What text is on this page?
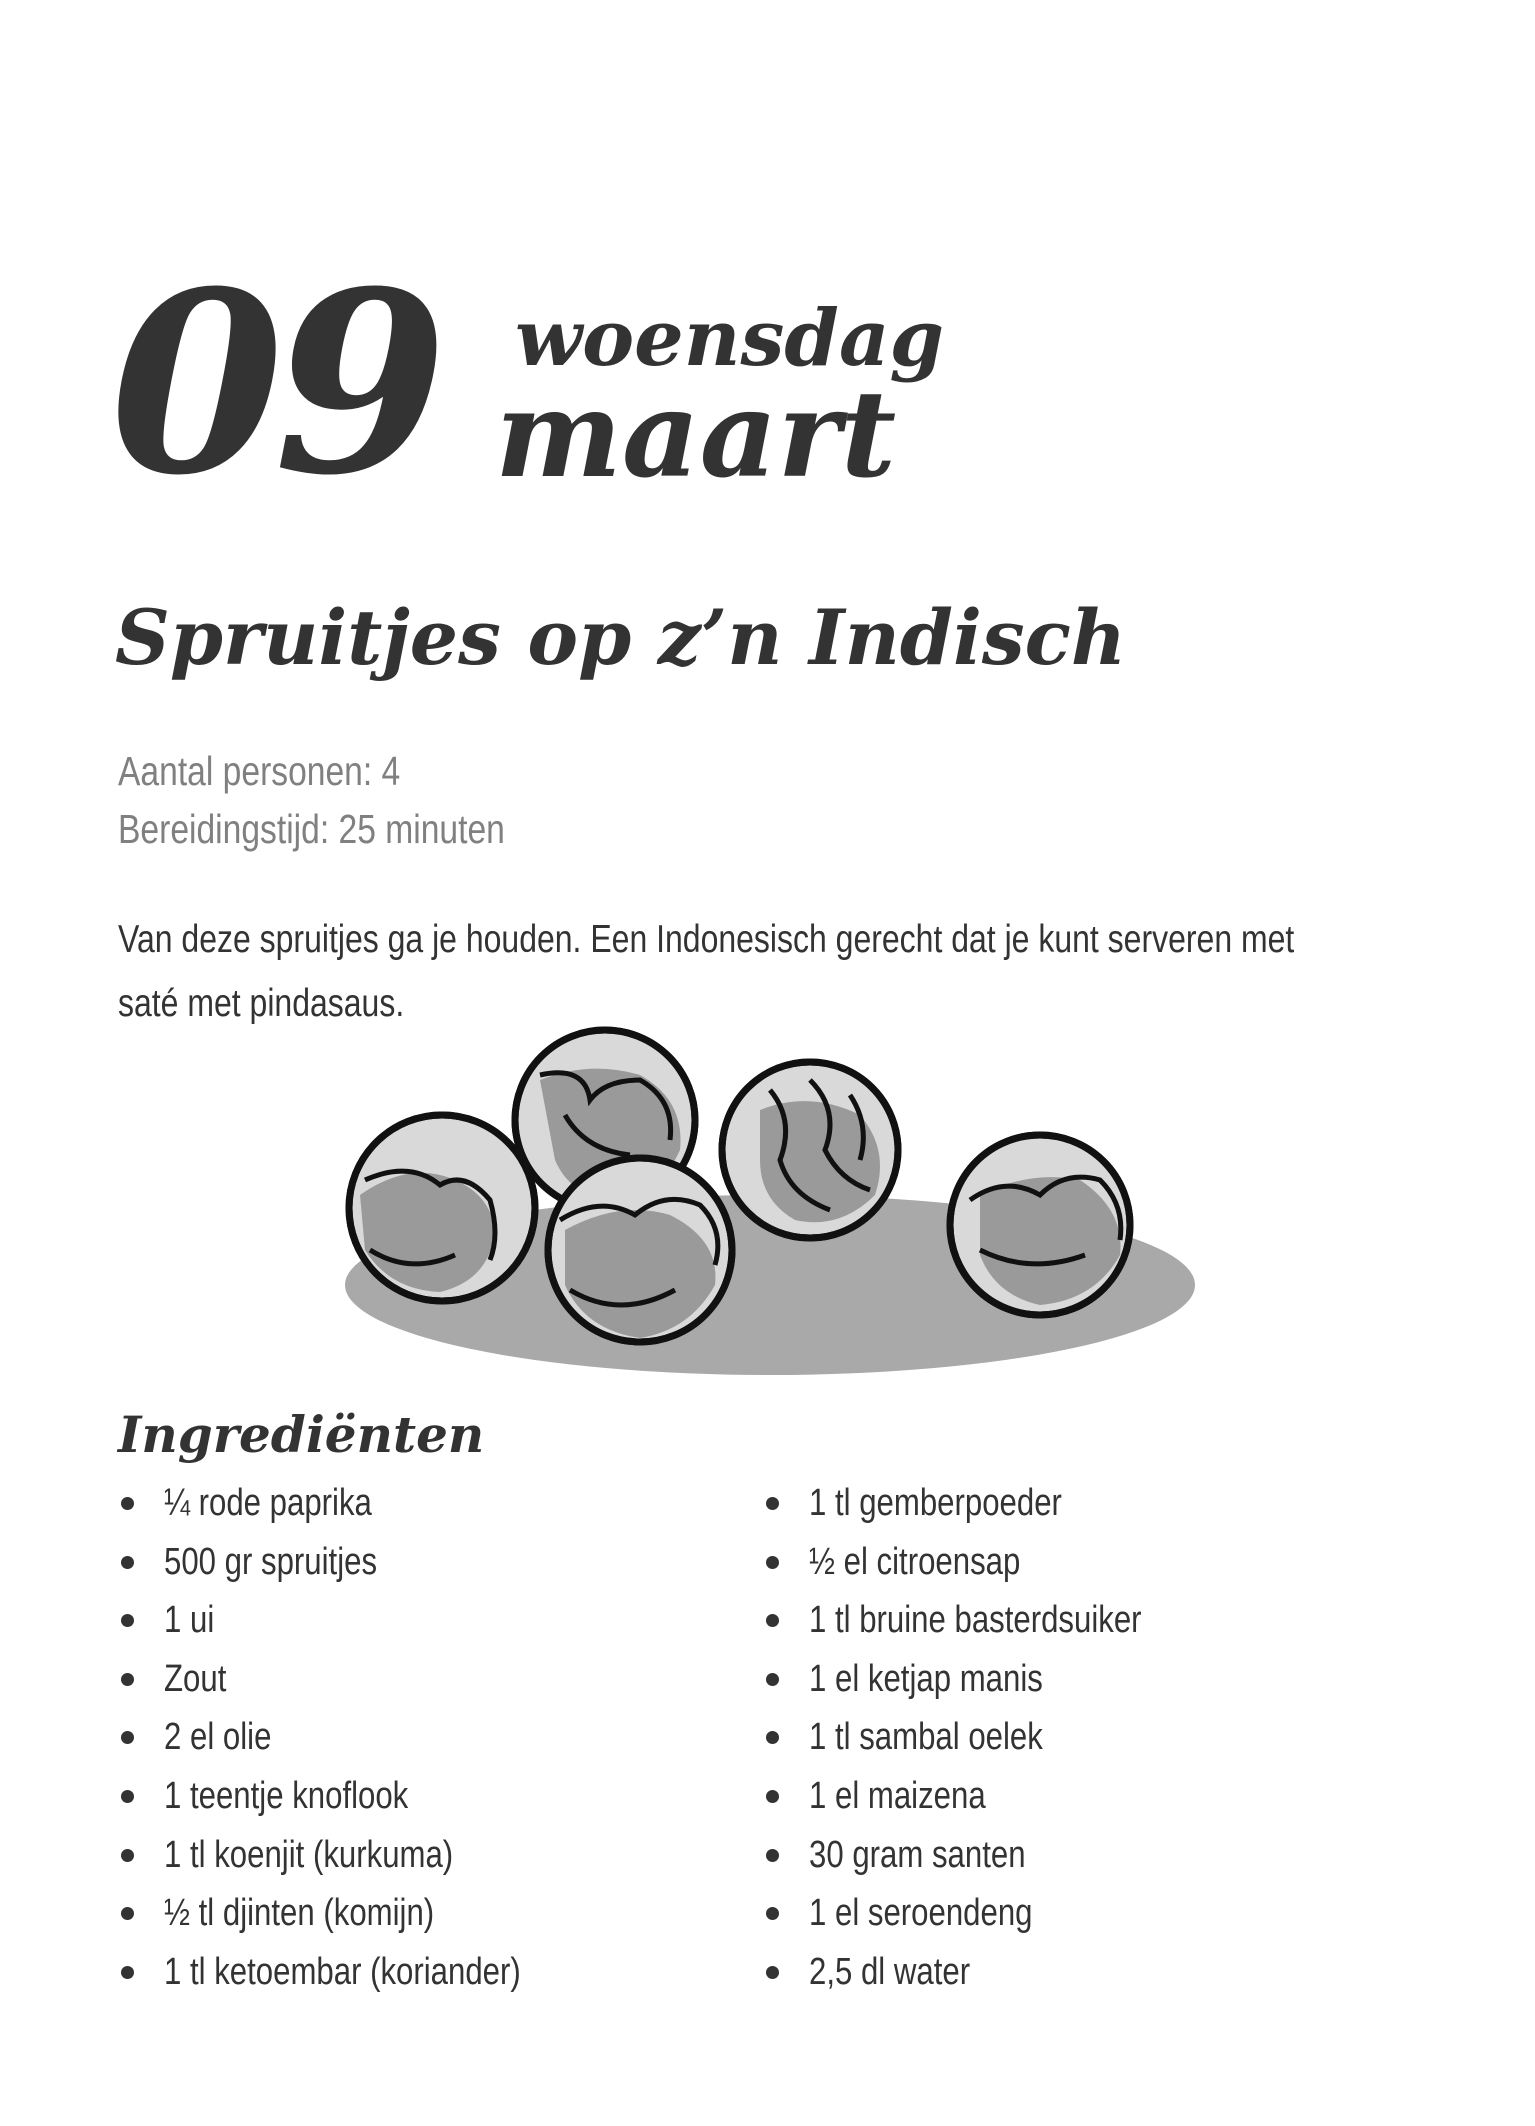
09 woensdag
maart
Spruitjes op z’n Indisch
Aantal personen: 4
Bereidingstijd: 25 minuten
Van deze spruitjes ga je houden. Een Indonesisch gerecht dat je kunt serveren met
saté met pindasaus.
Ingrediënten
¼ rode paprika
500 gr spruitjes
1 ui
Zout
2 el olie
1 teentje knoflook
1 tl koenjit (kurkuma)
½ tl djinten (komijn)
1 tl ketoembar (koriander)
1 tl gemberpoeder
½ el citroensap
1 tl bruine basterdsuiker
1 el ketjap manis
1 tl sambal oelek
1 el maizena
30 gram santen
1 el seroendeng
2,5 dl water
